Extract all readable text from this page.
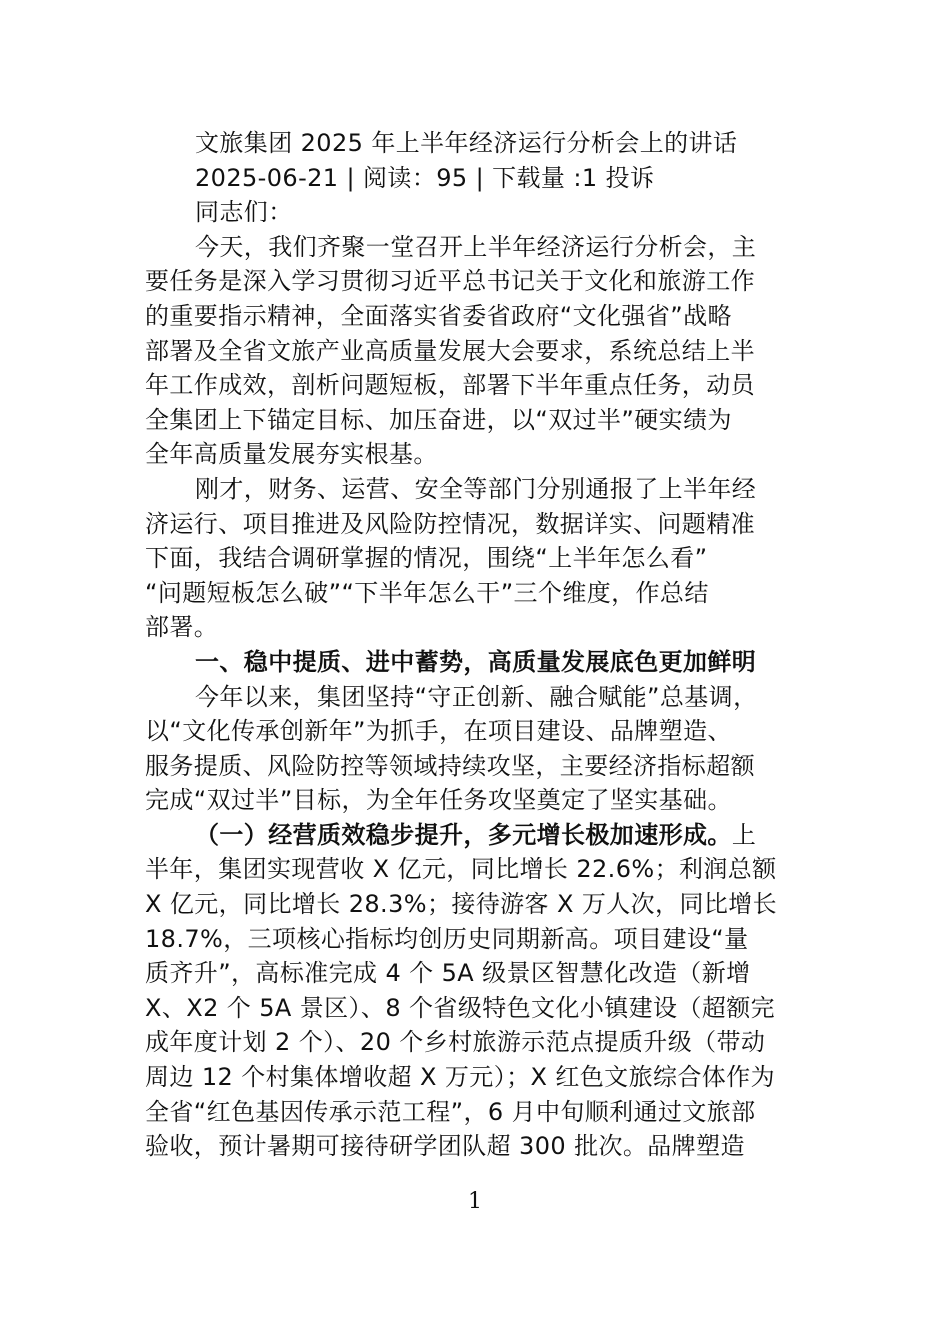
文旅集团 2025 年上半年经济运行分析会上的讲话
2025-06-21 | 阅读：95 | 下载量 :1 投诉
同志们：
今天，我们齐聚一堂召开上半年经济运行分析会，主
要任务是深入学习贯彻习近平总书记关于文化和旅游工作
的重要指示精神，全面落实省委省政府“文化强省”战略
部署及全省文旅产业高质量发展大会要求，系统总结上半
年工作成效，剖析问题短板，部署下半年重点任务，动员
全集团上下锚定目标、加压奋进，以“双过半”硬实绩为
全年高质量发展夯实根基。
刚才，财务、运营、安全等部门分别通报了上半年经
济运行、项目推进及风险防控情况，数据详实、问题精准
下面，我结合调研掌握的情况，围绕“上半年怎么看”
“问题短板怎么破”“下半年怎么干”三个维度，作总结
部署。
一、稳中提质、进中蓄势，高质量发展底色更加鲜明
今年以来，集团坚持“守正创新、融合赋能”总基调，
以“文化传承创新年”为抓手，在项目建设、品牌塑造、
服务提质、风险防控等领域持续攻坚，主要经济指标超额
完成“双过半”目标，为全年任务攻坚奠定了坚实基础。
（一）经营质效稳步提升，多元增长极加速形成。上
半年，集团实现营收 X 亿元，同比增长 22.6%；利润总额
X 亿元，同比增长 28.3%；接待游客 X 万人次，同比增长
18.7%，三项核心指标均创历史同期新高。项目建设“量
质齐升”，高标准完成 4 个 5A 级景区智慧化改造（新增
X、X2 个 5A 景区）、8 个省级特色文化小镇建设（超额完
成年度计划 2 个）、20 个乡村旅游示范点提质升级（带动
周边 12 个村集体增收超 X 万元）；X 红色文旅综合体作为
全省“红色基因传承示范工程”，6 月中旬顺利通过文旅部
验收，预计暑期可接待研学团队超 300 批次。品牌塑造
1
